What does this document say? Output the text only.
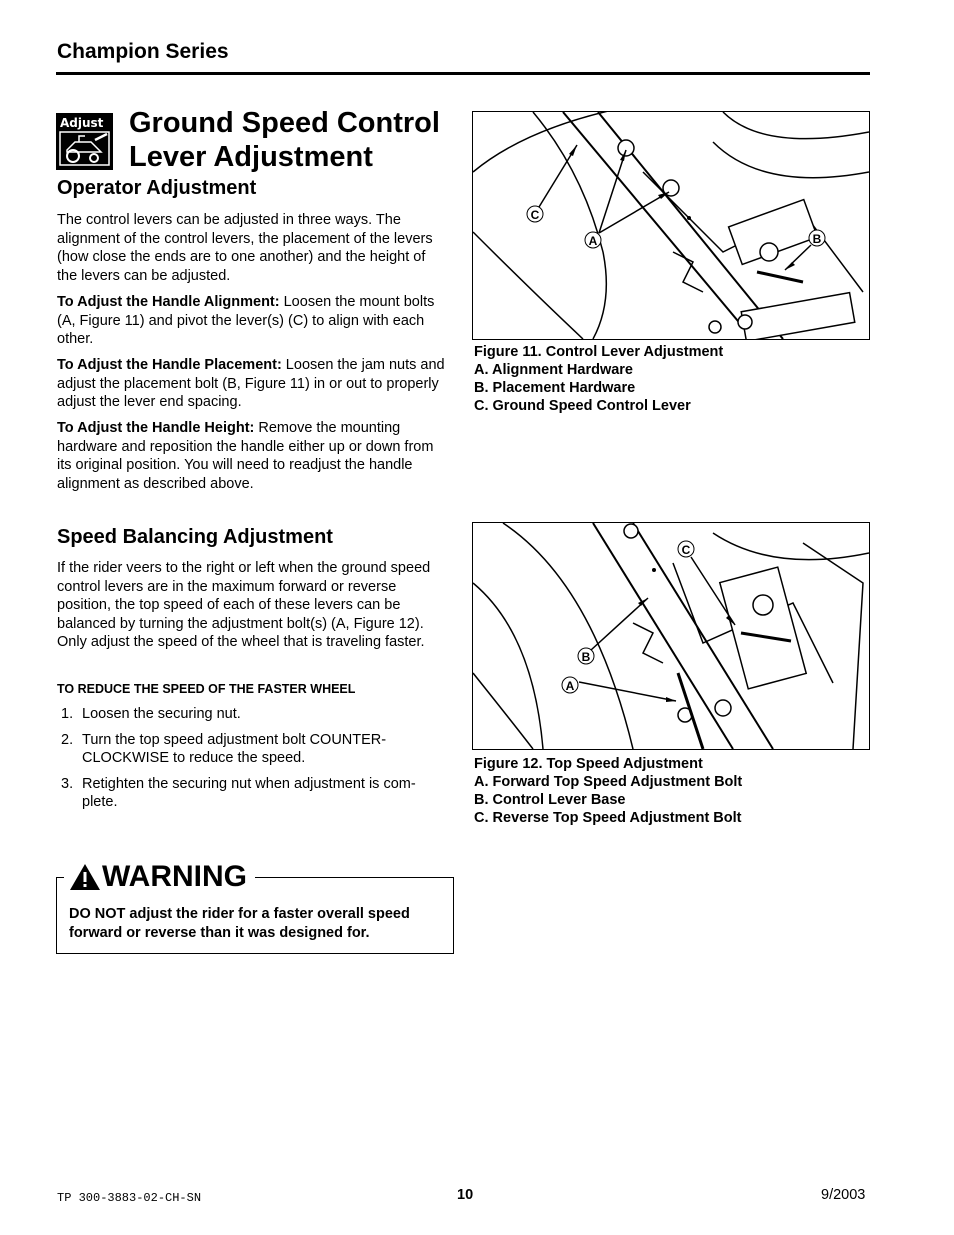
Champion Series
Adjust Ground Speed Control
Lever Adjustment
Operator Adjustment
The control levers can be adjusted in three ways. The alignment of the control levers, the placement of the levers (how close the ends are to one another) and the height of the levers can be adjusted.
To Adjust the Handle Alignment: Loosen the mount bolts (A, Figure 11) and pivot the lever(s) (C) to align with each other.
To Adjust the Handle Placement: Loosen the jam nuts and adjust the placement bolt (B, Figure 11) in or out to properly adjust the lever end spacing.
To Adjust the Handle Height: Remove the mounting hardware and reposition the handle either up or down from its original position. You will need to readjust the handle alignment as described above.
C
A	B
Figure 11. Control Lever Adjustment
A. Alignment Hardware
B. Placement Hardware
C. Ground Speed Control Lever
Speed Balancing Adjustment
If the rider veers to the right or left when the ground speed control levers are in the maximum forward or reverse position, the top speed of each of these levers can be balanced by turning the adjustment bolt(s) (A, Figure 12). Only adjust the speed of the wheel that is traveling faster.
TO REDUCE THE SPEED OF THE FASTER WHEEL
1. Loosen the securing nut.
2. Turn the top speed adjustment bolt COUNTER-CLOCKWISE to reduce the speed.
3. Retighten the securing nut when adjustment is com-plete.
C
B
A
Figure 12. Top Speed Adjustment
A. Forward Top Speed Adjustment Bolt
B. Control Lever Base
C. Reverse Top Speed Adjustment Bolt
WARNING
DO NOT adjust the rider for a faster overall speed forward or reverse than it was designed for.
TP 300-3883-02-CH-SN	10	9/2003
